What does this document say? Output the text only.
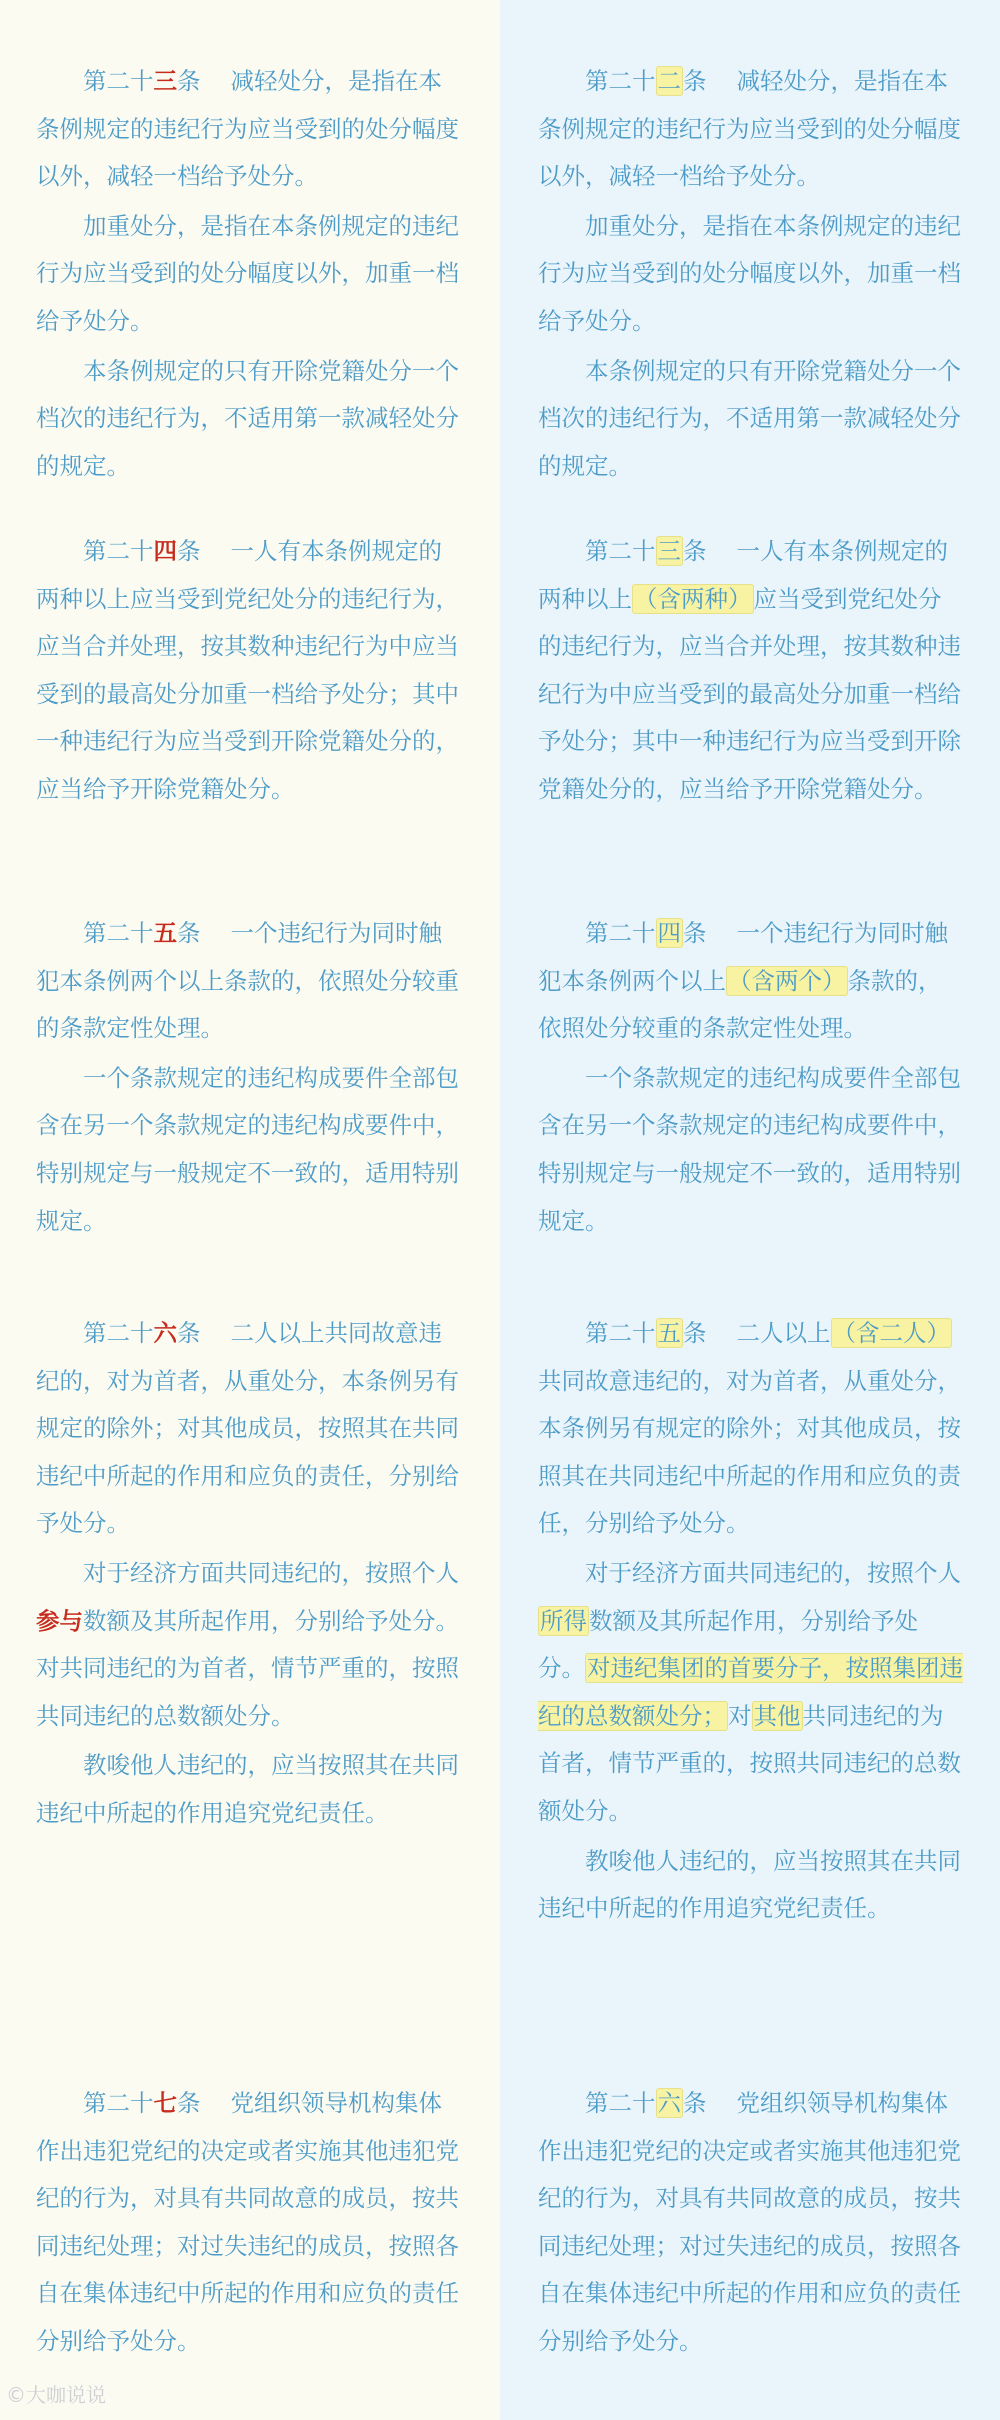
第二十三条 减轻处分，是指在本条例规定的违纪行为应当受到的处分幅度以外，减轻一档给予处分。

加重处分，是指在本条例规定的违纪行为应当受到的处分幅度以外，加重一档给予处分。

本条例规定的只有开除党籍处分一个档次的违纪行为，不适用第一款减轻处分的规定。

第二十四条 一人有本条例规定的两种以上应当受到党纪处分的违纪行为，应当合并处理，按其数种违纪行为中应当受到的最高处分加重一档给予处分；其中一种违纪行为应当受到开除党籍处分的，应当给予开除党籍处分。

第二十五条 一个违纪行为同时触犯本条例两个以上条款的，依照处分较重的条款定性处理。

一个条款规定的违纪构成要件全部包含在另一个条款规定的违纪构成要件中，特别规定与一般规定不一致的，适用特别规定。

第二十六条 二人以上共同故意违纪的，对为首者，从重处分，本条例另有规定的除外；对其他成员，按照其在共同违纪中所起的作用和应负的责任，分别给予处分。

对于经济方面共同违纪的，按照个人参与数额及其所起作用，分别给予处分。对共同违纪的为首者，情节严重的，按照共同违纪的总数额处分。

教唆他人违纪的，应当按照其在共同违纪中所起的作用追究党纪责任。

第二十七条 党组织领导机构集体作出违犯党纪的决定或者实施其他违犯党纪的行为，对具有共同故意的成员，按共同违纪处理；对过失违纪的成员，按照各自在集体违纪中所起的作用和应负的责任分别给予处分。

©大咖说说

第二十二条 减轻处分，是指在本条例规定的违纪行为应当受到的处分幅度以外，减轻一档给予处分。

加重处分，是指在本条例规定的违纪行为应当受到的处分幅度以外，加重一档给予处分。

本条例规定的只有开除党籍处分一个档次的违纪行为，不适用第一款减轻处分的规定。

第二十三条 一人有本条例规定的两种以上（含两种）应当受到党纪处分的违纪行为，应当合并处理，按其数种违纪行为中应当受到的最高处分加重一档给予处分；其中一种违纪行为应当受到开除党籍处分的，应当给予开除党籍处分。

第二十四条 一个违纪行为同时触犯本条例两个以上（含两个）条款的，依照处分较重的条款定性处理。

一个条款规定的违纪构成要件全部包含在另一个条款规定的违纪构成要件中，特别规定与一般规定不一致的，适用特别规定。

第二十五条 二人以上（含二人）共同故意违纪的，对为首者，从重处分，本条例另有规定的除外；对其他成员，按照其在共同违纪中所起的作用和应负的责任，分别给予处分。

对于经济方面共同违纪的，按照个人所得数额及其所起作用，分别给予处分。对违纪集团的首要分子，按照集团违纪的总数额处分；对其他共同违纪的为首者，情节严重的，按照共同违纪的总数额处分。

教唆他人违纪的，应当按照其在共同违纪中所起的作用追究党纪责任。

第二十六条 党组织领导机构集体作出违犯党纪的决定或者实施其他违犯党纪的行为，对具有共同故意的成员，按共同违纪处理；对过失违纪的成员，按照各自在集体违纪中所起的作用和应负的责任分别给予处分。
